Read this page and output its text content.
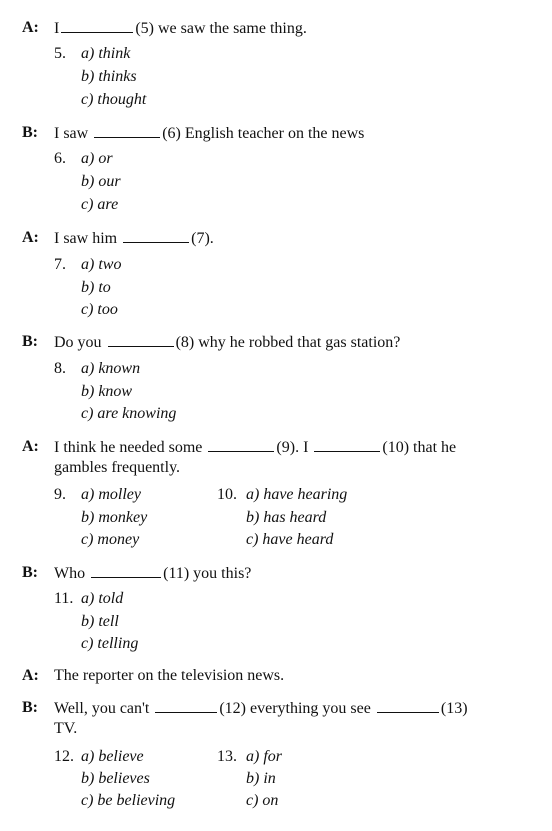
A: I	(5) we saw the same thing.
5. a) think
b) thinks
c) thought
B: I saw	(6) English teacher on the news
6. a) or
b) our
c) are
A: I saw him	(7).
7. a) two
b) to
c) too
B: Do you	(8) why he robbed that gas station?
8. a) known
b) know
c) are knowing
A: I think he needed some	(9). I	(10) that he
gambles frequently.
9. a) molley
b) monkey
c) money
10. a) have hearing
b) has heard
c) have heard
B: Who	(11) you this?
11. a) told
b) tell
c) telling
A: The reporter on the television news.
B: Well, you can't	(12) everything you see	(13)
TV.
12. a) believe
b) believes
c) be believing
13. a) for
b) in
c) on
